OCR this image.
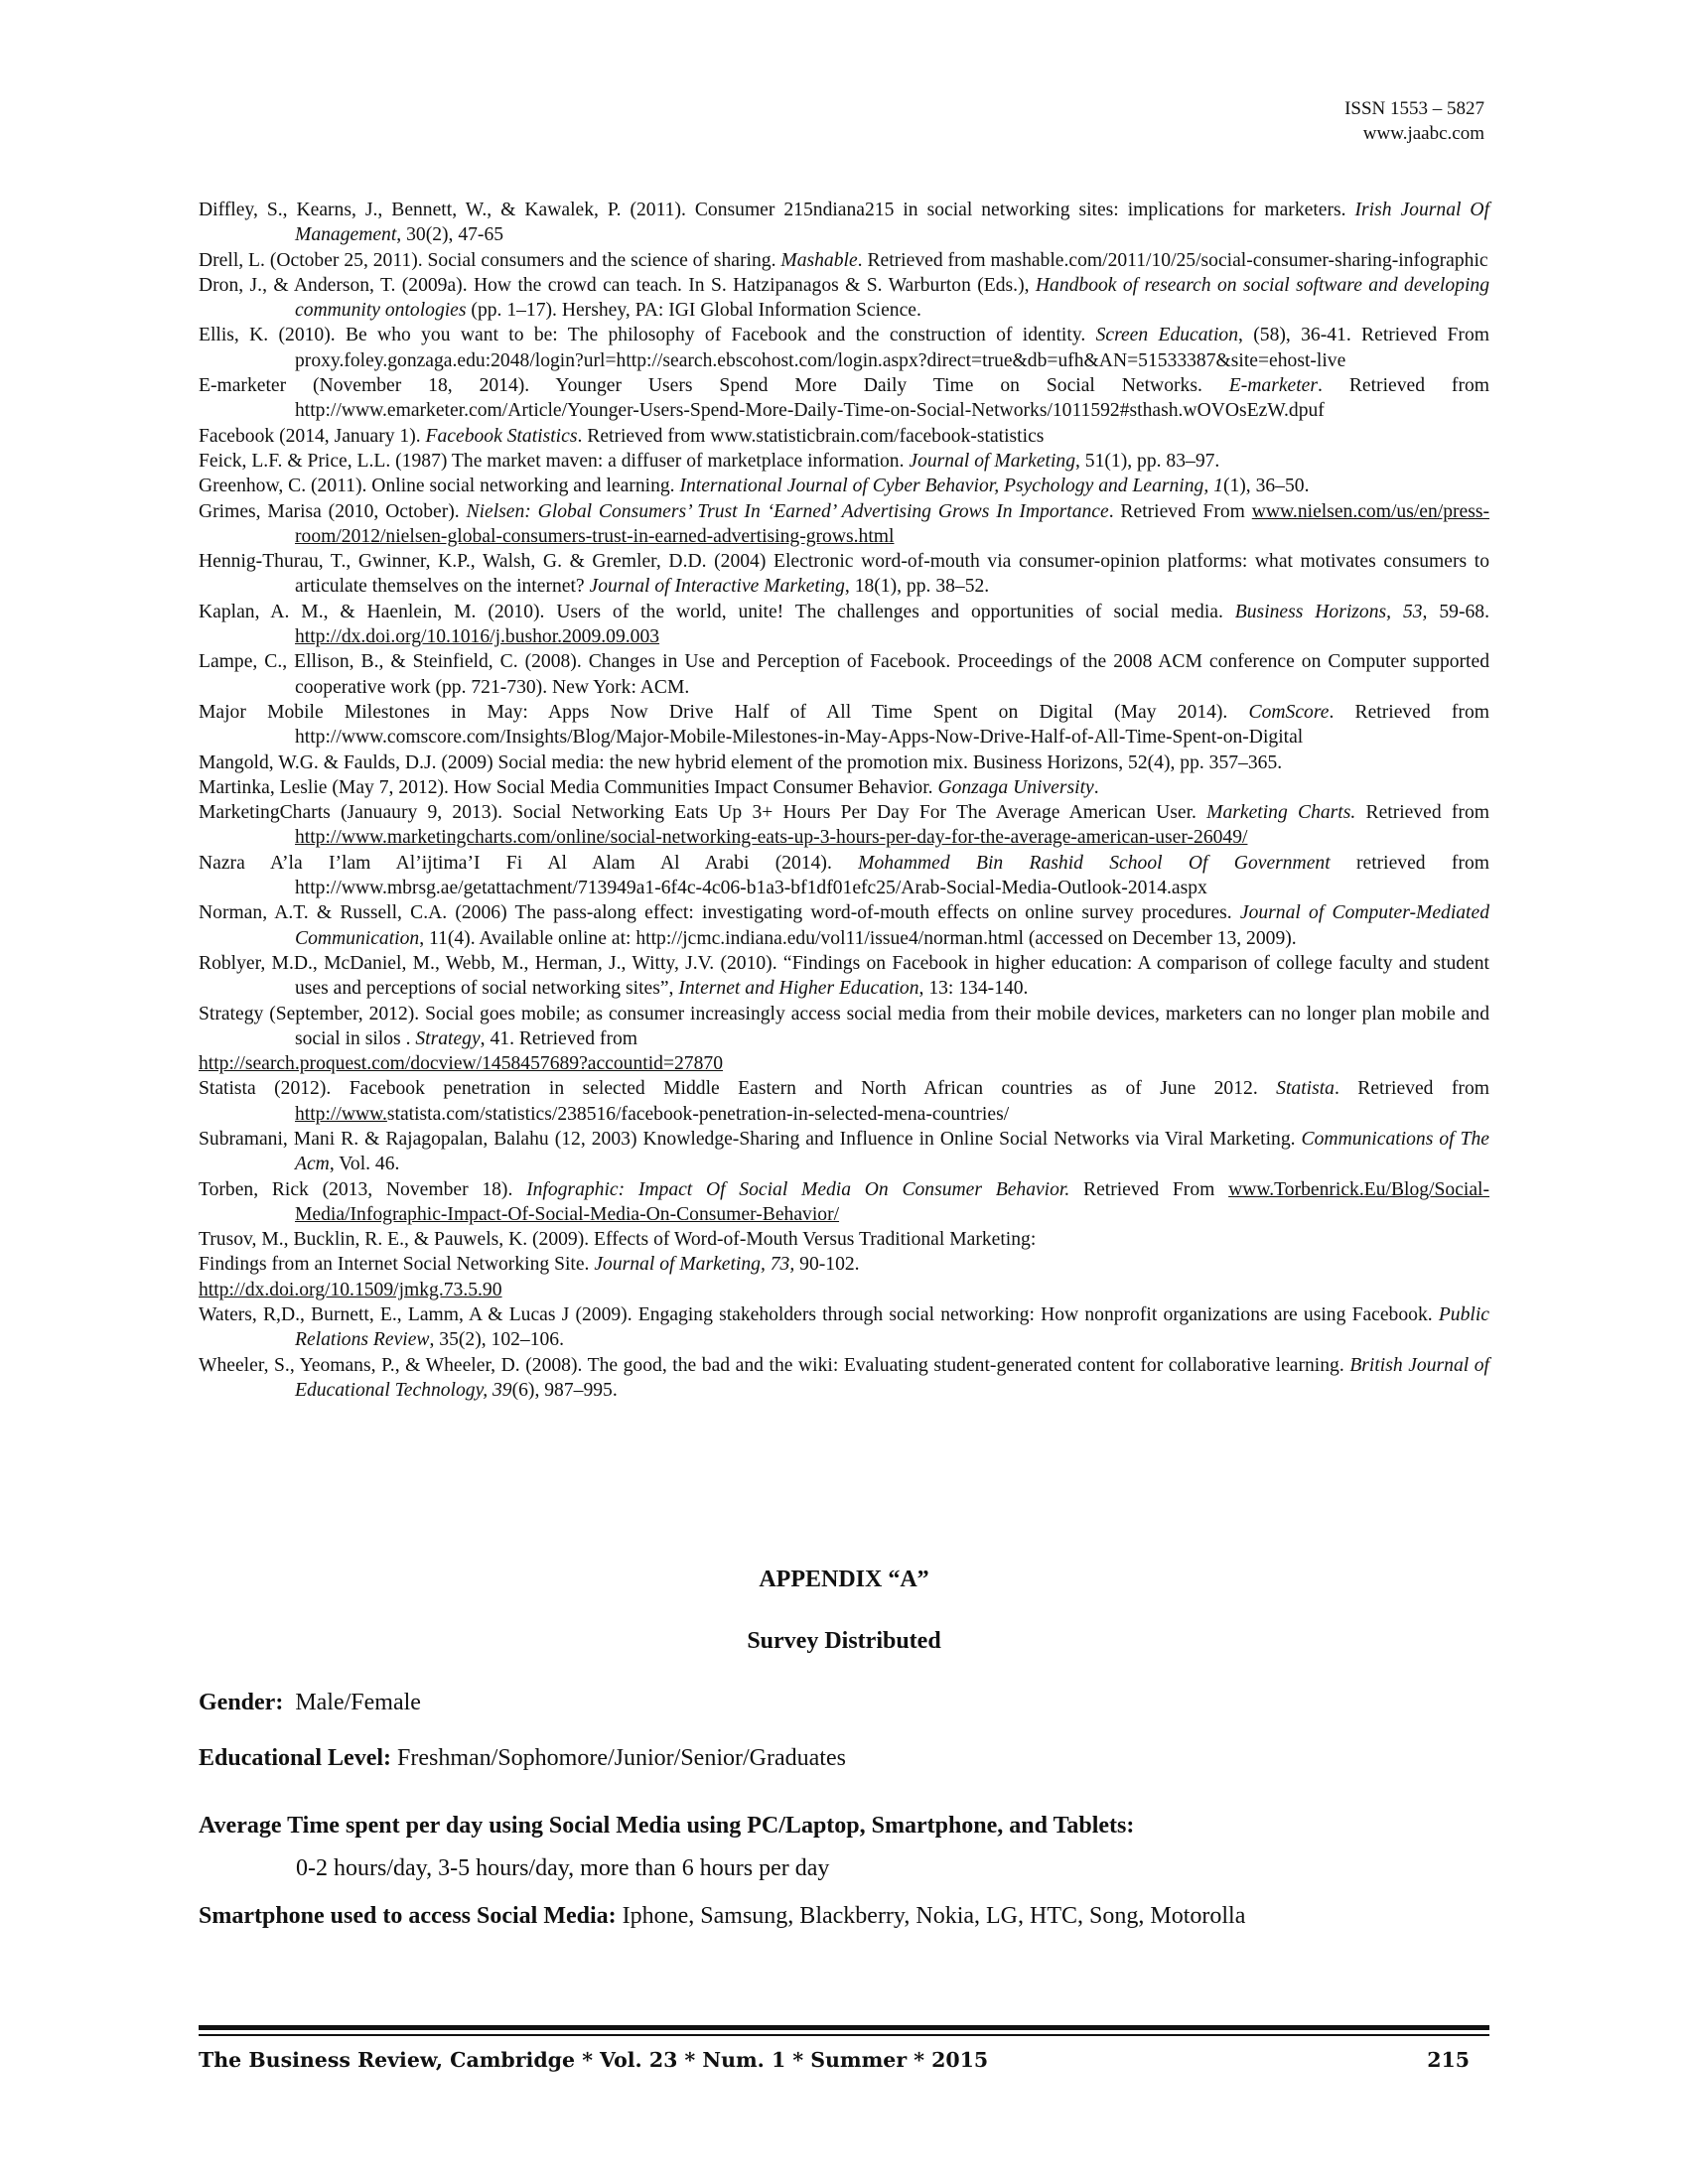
ISSN 1553 – 5827
www.jaabc.com

Diffley, S., Kearns, J., Bennett, W., & Kawalek, P. (2011). Consumer 215ndiana215 in social networking sites: implications for marketers. Irish Journal Of Management, 30(2), 47-65

Drell, L. (October 25, 2011). Social consumers and the science of sharing. Mashable. Retrieved from mashable.com/2011/10/25/social-consumer-sharing-infographic

Dron, J., & Anderson, T. (2009a). How the crowd can teach. In S. Hatzipanagos & S. Warburton (Eds.), Handbook of research on social software and developing community ontologies (pp. 1–17). Hershey, PA: IGI Global Information Science.

Ellis, K. (2010). Be who you want to be: The philosophy of Facebook and the construction of identity. Screen Education, (58), 36-41. Retrieved From proxy.foley.gonzaga.edu:2048/login?url=http://search.ebscohost.com/login.aspx?direct=true&db=ufh&AN=51533387&site=ehost-live

E-marketer (November 18, 2014). Younger Users Spend More Daily Time on Social Networks. E-marketer. Retrieved from http://www.emarketer.com/Article/Younger-Users-Spend-More-Daily-Time-on-Social-Networks/1011592#sthash.wOVOsEzW.dpuf

Facebook (2014, January 1). Facebook Statistics. Retrieved from www.statisticbrain.com/facebook-statistics

Feick, L.F. & Price, L.L. (1987) The market maven: a diffuser of marketplace information. Journal of Marketing, 51(1), pp. 83–97.

Greenhow, C. (2011). Online social networking and learning. International Journal of Cyber Behavior, Psychology and Learning, 1(1), 36–50.

Grimes, Marisa (2010, October). Nielsen: Global Consumers’ Trust In ‘Earned’ Advertising Grows In Importance. Retrieved From www.nielsen.com/us/en/press-room/2012/nielsen-global-consumers-trust-in-earned-advertising-grows.html

Hennig-Thurau, T., Gwinner, K.P., Walsh, G. & Gremler, D.D. (2004) Electronic word-of-mouth via consumer-opinion platforms: what motivates consumers to articulate themselves on the internet? Journal of Interactive Marketing, 18(1), pp. 38–52.

Kaplan, A. M., & Haenlein, M. (2010). Users of the world, unite! The challenges and opportunities of social media. Business Horizons, 53, 59-68. http://dx.doi.org/10.1016/j.bushor.2009.09.003

Lampe, C., Ellison, B., & Steinfield, C. (2008). Changes in Use and Perception of Facebook. Proceedings of the 2008 ACM conference on Computer supported cooperative work (pp. 721-730). New York: ACM.

Major Mobile Milestones in May: Apps Now Drive Half of All Time Spent on Digital (May 2014). ComScore. Retrieved from http://www.comscore.com/Insights/Blog/Major-Mobile-Milestones-in-May-Apps-Now-Drive-Half-of-All-Time-Spent-on-Digital

Mangold, W.G. & Faulds, D.J. (2009) Social media: the new hybrid element of the promotion mix. Business Horizons, 52(4), pp. 357–365.

Martinka, Leslie (May 7, 2012). How Social Media Communities Impact Consumer Behavior. Gonzaga University.

MarketingCharts (Januaury 9, 2013). Social Networking Eats Up 3+ Hours Per Day For The Average American User. Marketing Charts. Retrieved from http://www.marketingcharts.com/online/social-networking-eats-up-3-hours-per-day-for-the-average-american-user-26049/

Nazra A’la I’lam Al’ijtima’I Fi Al Alam Al Arabi (2014). Mohammed Bin Rashid School Of Government retrieved from http://www.mbrsg.ae/getattachment/713949a1-6f4c-4c06-b1a3-bf1df01efc25/Arab-Social-Media-Outlook-2014.aspx

Norman, A.T. & Russell, C.A. (2006) The pass-along effect: investigating word-of-mouth effects on online survey procedures. Journal of Computer-Mediated Communication, 11(4). Available online at: http://jcmc.indiana.edu/vol11/issue4/norman.html (accessed on December 13, 2009).

Roblyer, M.D., McDaniel, M., Webb, M., Herman, J., Witty, J.V. (2010). “Findings on Facebook in higher education: A comparison of college faculty and student uses and perceptions of social networking sites”, Internet and Higher Education, 13: 134-140.

Strategy (September, 2012). Social goes mobile; as consumer increasingly access social media from their mobile devices, marketers can no longer plan mobile and social in silos . Strategy, 41. Retrieved from

http://search.proquest.com/docview/1458457689?accountid=27870

Statista (2012). Facebook penetration in selected Middle Eastern and North African countries as of June 2012. Statista. Retrieved from http://www.statista.com/statistics/238516/facebook-penetration-in-selected-mena-countries/

Subramani, Mani R. & Rajagopalan, Balahu (12, 2003) Knowledge-Sharing and Influence in Online Social Networks via Viral Marketing. Communications of The Acm, Vol. 46.

Torben, Rick (2013, November 18). Infographic: Impact Of Social Media On Consumer Behavior. Retrieved From www.Torbenrick.Eu/Blog/Social-Media/Infographic-Impact-Of-Social-Media-On-Consumer-Behavior/

Trusov, M., Bucklin, R. E., & Pauwels, K. (2009). Effects of Word-of-Mouth Versus Traditional Marketing:

Findings from an Internet Social Networking Site. Journal of Marketing, 73, 90-102.

http://dx.doi.org/10.1509/jmkg.73.5.90

Waters, R,D., Burnett, E., Lamm, A & Lucas J (2009). Engaging stakeholders through social networking: How nonprofit organizations are using Facebook. Public Relations Review, 35(2), 102–106.

Wheeler, S., Yeomans, P., & Wheeler, D. (2008). The good, the bad and the wiki: Evaluating student-generated content for collaborative learning. British Journal of Educational Technology, 39(6), 987–995.

APPENDIX “A”

Survey Distributed

Gender: Male/Female

Educational Level: Freshman/Sophomore/Junior/Senior/Graduates

Average Time spent per day using Social Media using PC/Laptop, Smartphone, and Tablets:

0-2 hours/day, 3-5 hours/day, more than 6 hours per day

Smartphone used to access Social Media: Iphone, Samsung, Blackberry, Nokia, LG, HTC, Song, Motorolla

The Business Review, Cambridge * Vol. 23 * Num. 1 * Summer * 2015	215
